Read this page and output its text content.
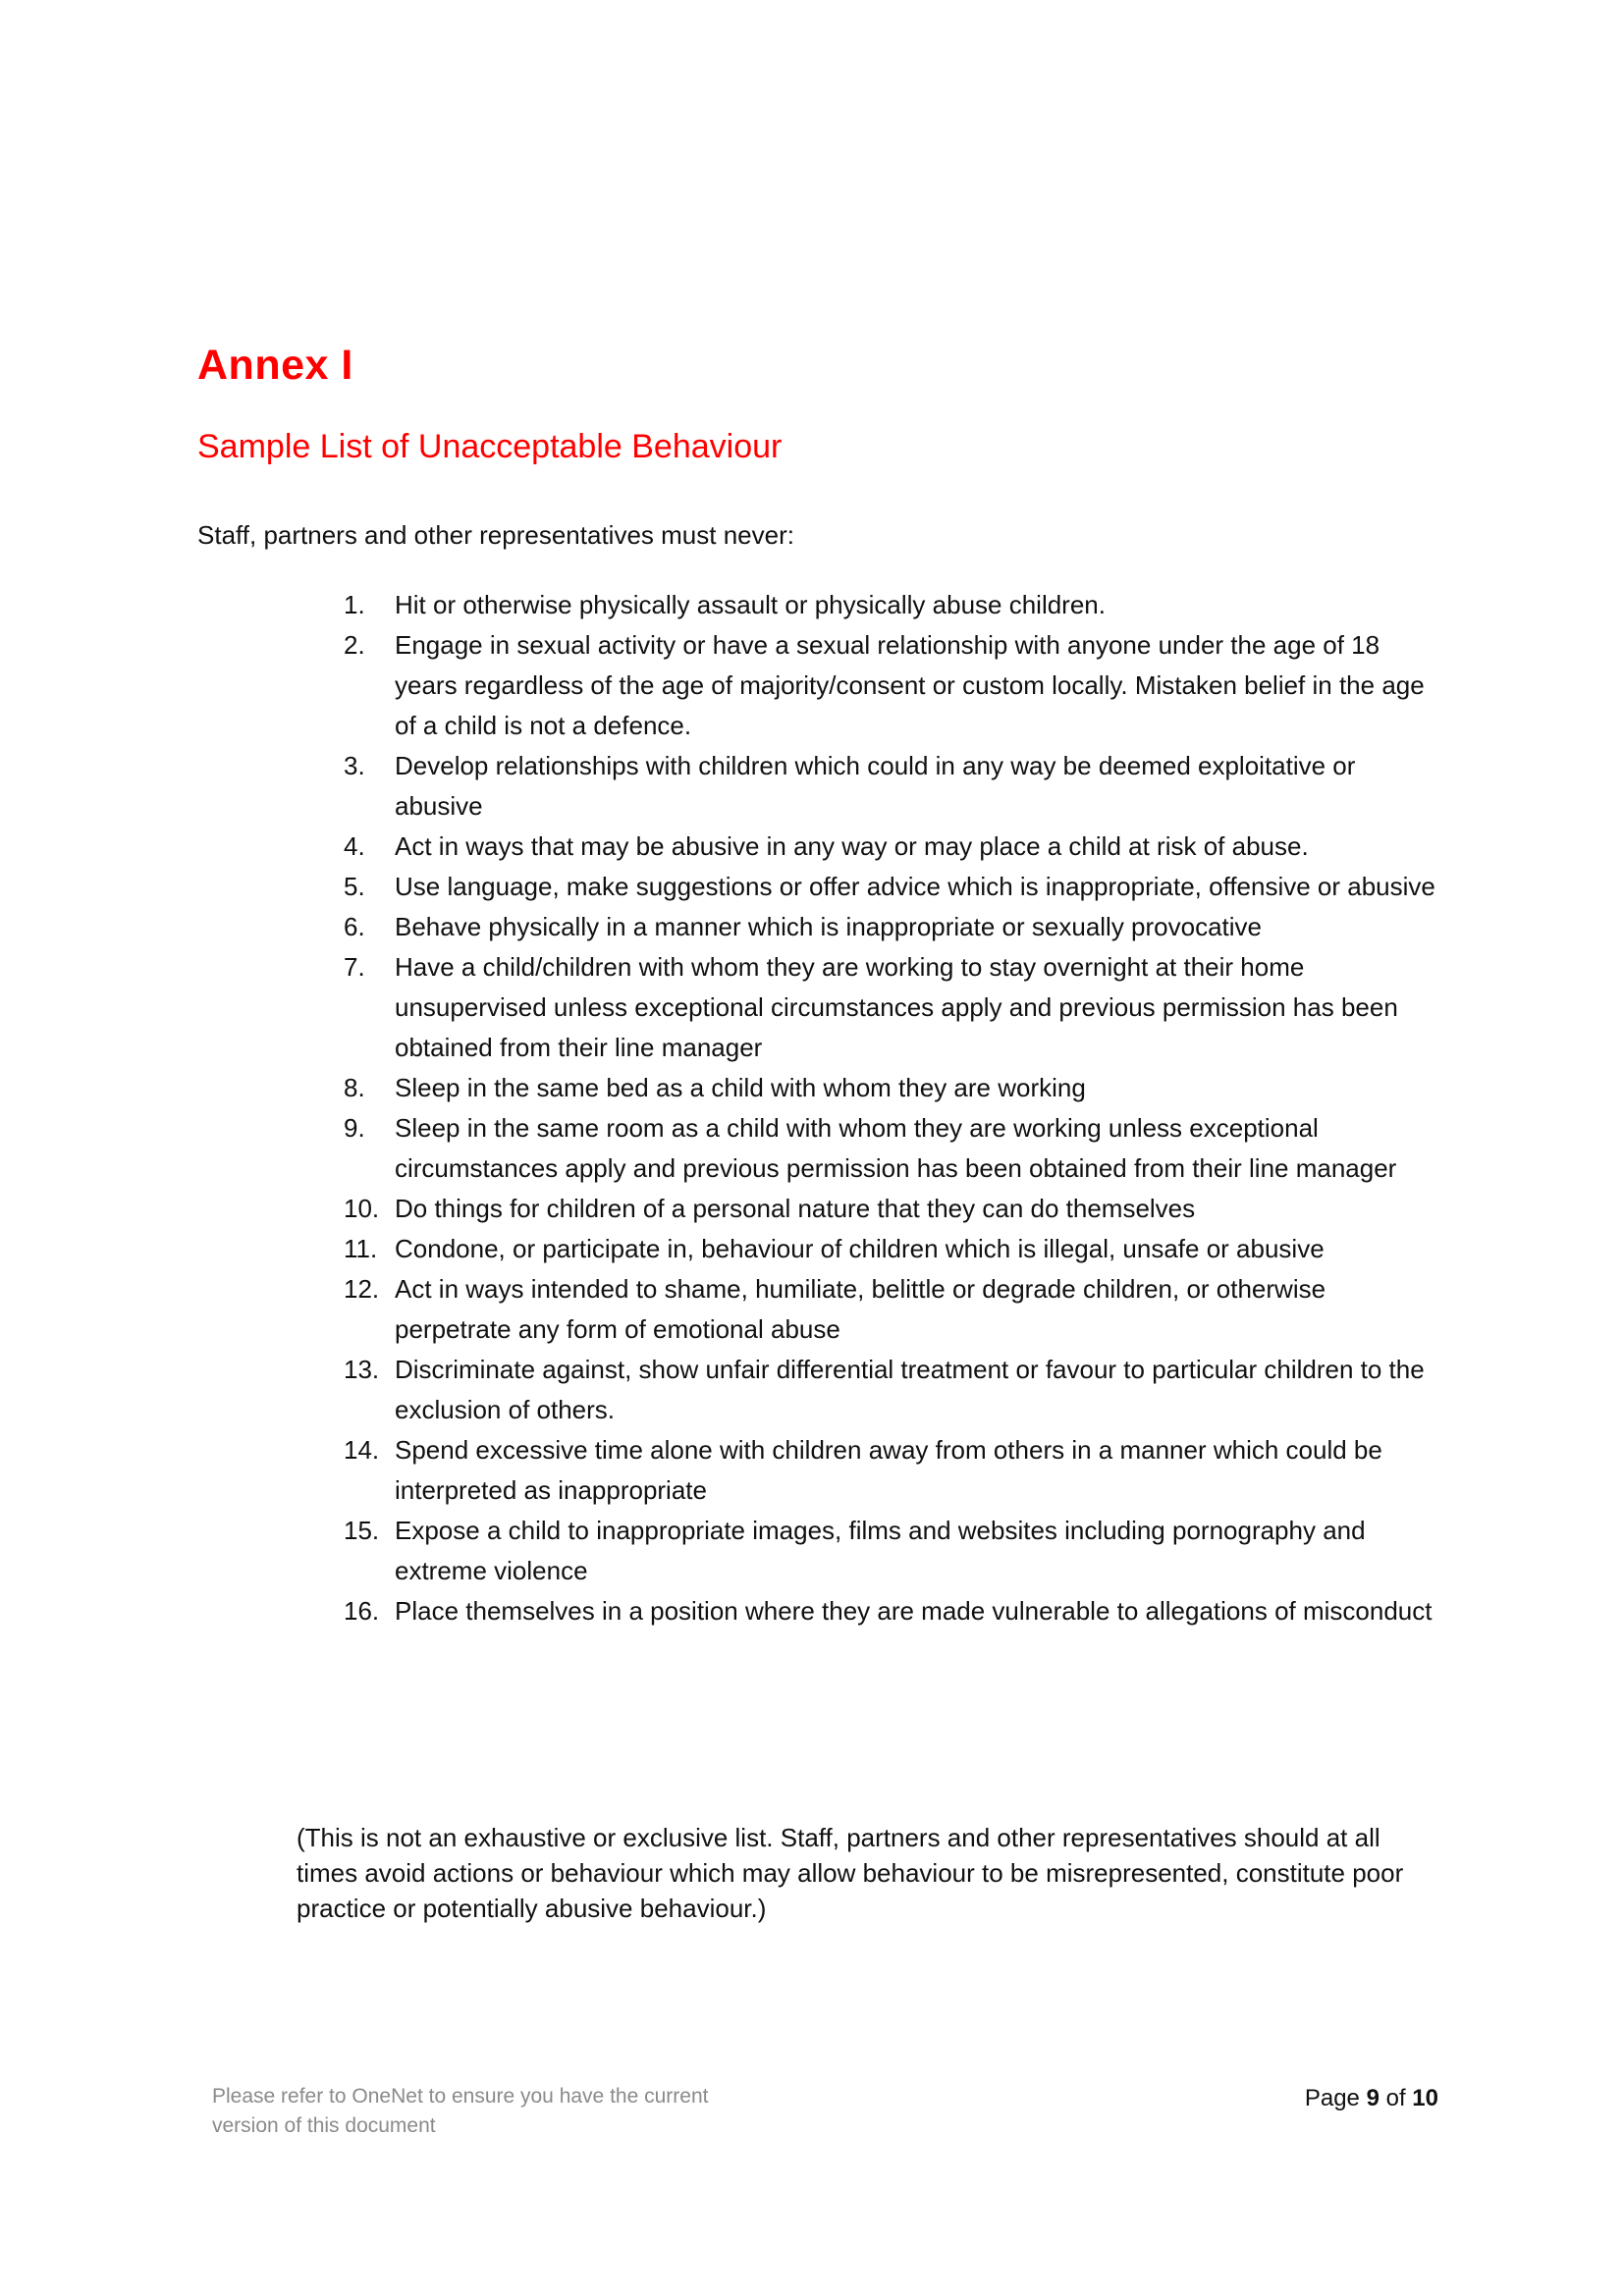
Annex I
Sample List of Unacceptable Behaviour

Staff, partners and other representatives must never:

1.	Hit or otherwise physically assault or physically abuse children.
2.	Engage in sexual activity or have a sexual relationship with anyone under the age of 18 years regardless of the age of majority/consent or custom locally. Mistaken belief in the age of a child is not a defence.
3.	Develop relationships with children which could in any way be deemed exploitative or abusive
4.	Act in ways that may be abusive in any way or may place a child at risk of abuse.
5.	Use language, make suggestions or offer advice which is inappropriate, offensive or abusive
6.	Behave physically in a manner which is inappropriate or sexually provocative
7.	Have a child/children with whom they are working to stay overnight at their home unsupervised unless exceptional circumstances apply and previous permission has been obtained from their line manager
8.	Sleep in the same bed as a child with whom they are working
9.	Sleep in the same room as a child with whom they are working unless exceptional circumstances apply and previous permission has been obtained from their line manager
10. Do things for children of a personal nature that they can do themselves
11. Condone, or participate in, behaviour of children which is illegal, unsafe or abusive
12. Act in ways intended to shame, humiliate, belittle or degrade children, or otherwise perpetrate any form of emotional abuse
13. Discriminate against, show unfair differential treatment or favour to particular children to the exclusion of others.
14. Spend excessive time alone with children away from others in a manner which could be interpreted as inappropriate
15. Expose a child to inappropriate images, films and websites including pornography and extreme violence
16. Place themselves in a position where they are made vulnerable to allegations of misconduct

(This is not an exhaustive or exclusive list. Staff, partners and other representatives should at all times avoid actions or behaviour which may allow behaviour to be misrepresented, constitute poor practice or potentially abusive behaviour.)

Please refer to OneNet to ensure you have the current
version of this document

Page 9 of 10
